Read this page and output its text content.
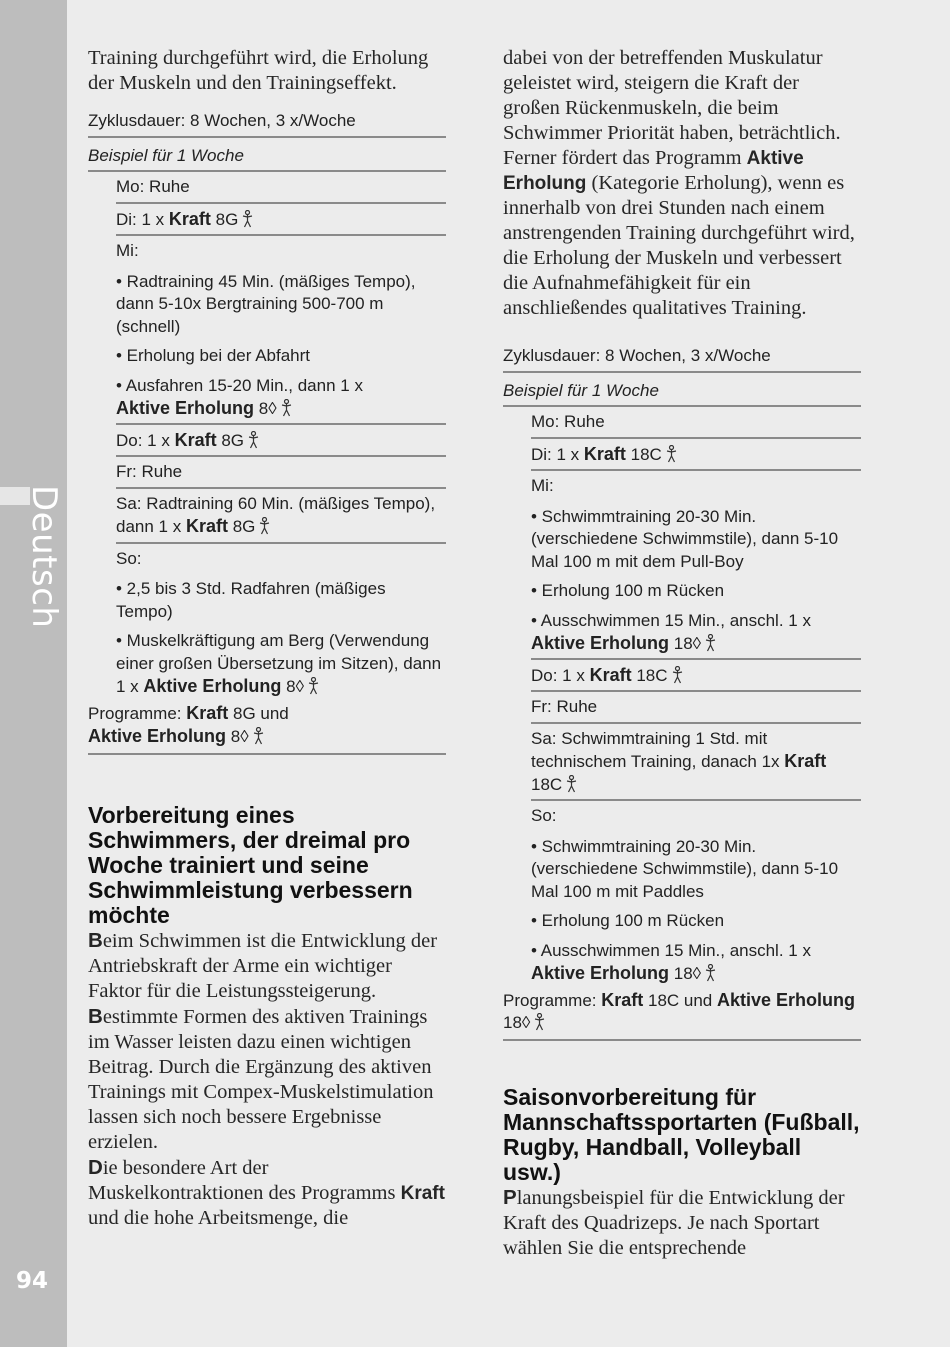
Deutsch
94

Training durchgeführt wird, die Erholung der Muskeln und den Trainingseffekt.

Zyklusdauer: 8 Wochen, 3 x/Woche
Beispiel für 1 Woche
Mo: Ruhe
Di: 1 x Kraft 8G
Mi:
• Radtraining 45 Min. (mäßiges Tempo), dann 5-10x Bergtraining 500-700 m (schnell)
• Erholung bei der Abfahrt
• Ausfahren 15-20 Min., dann 1 x
Aktive Erholung 8◊
Do: 1 x Kraft 8G
Fr: Ruhe
Sa: Radtraining 60 Min. (mäßiges Tempo), dann 1 x Kraft 8G
So:
• 2,5 bis 3 Std. Radfahren (mäßiges Tempo)
• Muskelkräftigung am Berg (Verwendung einer großen Übersetzung im Sitzen), dann 1 x Aktive Erholung 8◊
Programme: Kraft 8G und
Aktive Erholung 8◊
Vorbereitung eines Schwimmers, der dreimal pro Woche trainiert und seine Schwimmleistung verbessern möchte

Beim Schwimmen ist die Entwicklung der Antriebskraft der Arme ein wichtiger Faktor für die Leistungssteigerung.

Bestimmte Formen des aktiven Trainings im Wasser leisten dazu einen wichtigen Beitrag. Durch die Ergänzung des aktiven Trainings mit Compex-Muskelstimulation lassen sich noch bessere Ergebnisse erzielen.

Die besondere Art der Muskelkontraktionen des Programms Kraft und die hohe Arbeitsmenge, die

dabei von der betreffenden Muskulatur geleistet wird, steigern die Kraft der großen Rückenmuskeln, die beim Schwimmer Priorität haben, beträchtlich. Ferner fördert das Programm Aktive Erholung (Kategorie Erholung), wenn es innerhalb von drei Stunden nach einem anstrengenden Training durchgeführt wird, die Erholung der Muskeln und verbessert die Aufnahmefähigkeit für ein anschließendes qualitatives Training.

Zyklusdauer: 8 Wochen, 3 x/Woche
Beispiel für 1 Woche
Mo: Ruhe
Di: 1 x Kraft 18C
Mi:
• Schwimmtraining 20-30 Min. (verschiedene Schwimmstile), dann 5-10 Mal 100 m mit dem Pull-Boy
• Erholung 100 m Rücken
• Ausschwimmen 15 Min., anschl. 1 x
Aktive Erholung 18◊
Do: 1 x Kraft 18C
Fr: Ruhe
Sa: Schwimmtraining 1 Std. mit technischem Training, danach 1x Kraft
18C
So:
• Schwimmtraining 20-30 Min. (verschiedene Schwimmstile), dann 5-10 Mal 100 m mit Paddles
• Erholung 100 m Rücken
• Ausschwimmen 15 Min., anschl. 1 x
Aktive Erholung 18◊
Programme: Kraft 18C und Aktive Erholung
18◊
Saisonvorbereitung für Mannschaftssportarten (Fußball, Rugby, Handball, Volleyball usw.)

Planungsbeispiel für die Entwicklung der Kraft des Quadrizeps. Je nach Sportart wählen Sie die entsprechende
